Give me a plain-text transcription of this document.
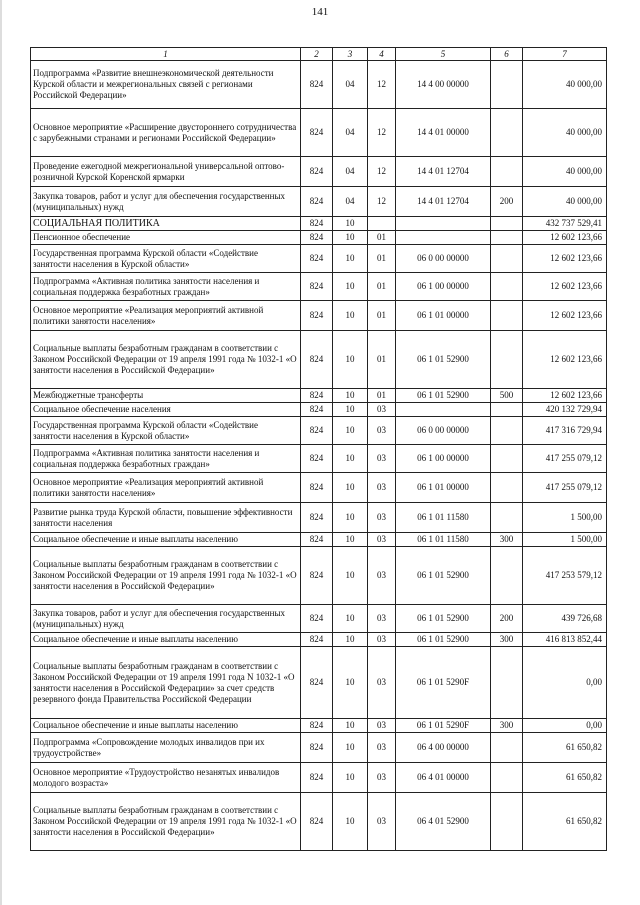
141
1	2	3	4	5	6	7
Подпрограмма «Развитие внешнеэкономической деятельности Курской области и межрегиональных связей с регионами Российской Федерации»	824	04	12	14 4 00 00000		40 000,00
Основное мероприятие «Расширение двустороннего сотрудничества с зарубежными странами и регионами Российской Федерации»	824	04	12	14 4 01 00000		40 000,00
Проведение ежегодной межрегиональной универсальной оптово-розничной Курской Коренской ярмарки	824	04	12	14 4 01 12704		40 000,00
Закупка товаров, работ и услуг для обеспечения государственных (муниципальных) нужд	824	04	12	14 4 01 12704	200	40 000,00
СОЦИАЛЬНАЯ ПОЛИТИКА	824	10				432 737 529,41
Пенсионное обеспечение	824	10	01			12 602 123,66
Государственная программа Курской области «Содействие занятости населения в Курской области»	824	10	01	06 0 00 00000		12 602 123,66
Подпрограмма «Активная политика занятости населения и социальная поддержка безработных граждан»	824	10	01	06 1 00 00000		12 602 123,66
Основное мероприятие «Реализация мероприятий активной политики занятости населения»	824	10	01	06 1 01 00000		12 602 123,66
Социальные выплаты безработным гражданам в соответствии с Законом Российской Федерации от 19 апреля 1991 года № 1032-1 «О занятости населения в Российской Федерации»	824	10	01	06 1 01 52900		12 602 123,66
Межбюджетные трансферты	824	10	01	06 1 01 52900	500	12 602 123,66
Социальное обеспечение населения	824	10	03			420 132 729,94
Государственная программа Курской области «Содействие занятости населения в Курской области»	824	10	03	06 0 00 00000		417 316 729,94
Подпрограмма «Активная политика занятости населения и социальная поддержка безработных граждан»	824	10	03	06 1 00 00000		417 255 079,12
Основное мероприятие «Реализация мероприятий активной политики занятости населения»	824	10	03	06 1 01 00000		417 255 079,12
Развитие рынка труда Курской области, повышение эффективности занятости населения	824	10	03	06 1 01 11580		1 500,00
Социальное обеспечение и иные выплаты населению	824	10	03	06 1 01 11580	300	1 500,00
Социальные выплаты безработным гражданам в соответствии с Законом Российской Федерации от 19 апреля 1991 года № 1032-1 «О занятости населения в Российской Федерации»	824	10	03	06 1 01 52900		417 253 579,12
Закупка товаров, работ и услуг для обеспечения государственных (муниципальных) нужд	824	10	03	06 1 01 52900	200	439 726,68
Социальное обеспечение и иные выплаты населению	824	10	03	06 1 01 52900	300	416 813 852,44
Социальные выплаты безработным гражданам в соответствии с Законом Российской Федерации от 19 апреля 1991 года N 1032-1 «О занятости населения в Российской Федерации» за счет средств резервного фонда Правительства Российской Федерации	824	10	03	06 1 01 5290F		0,00
Социальное обеспечение и иные выплаты населению	824	10	03	06 1 01 5290F	300	0,00
Подпрограмма «Сопровождение молодых инвалидов при их трудоустройстве»	824	10	03	06 4 00 00000		61 650,82
Основное мероприятие «Трудоустройство незанятых инвалидов молодого возраста»	824	10	03	06 4 01 00000		61 650,82
Социальные выплаты безработным гражданам в соответствии с Законом Российской Федерации от 19 апреля 1991 года № 1032-1 «О занятости населения в Российской Федерации»	824	10	03	06 4 01 52900		61 650,82
